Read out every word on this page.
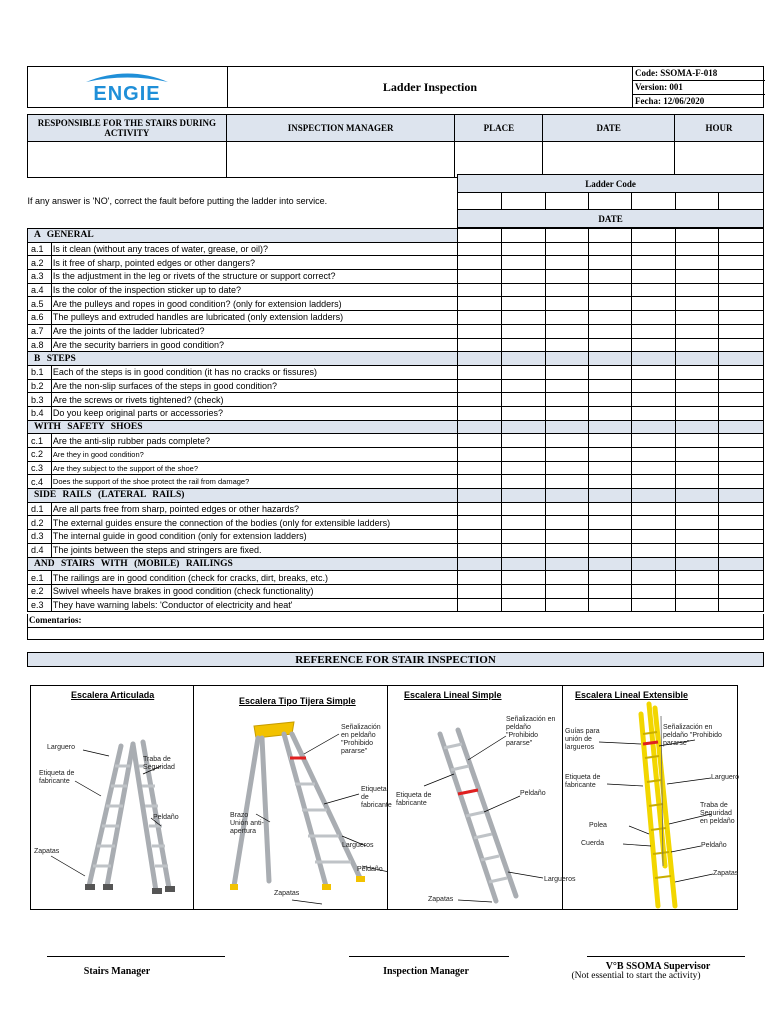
ENGIE	Ladder Inspection
Code: SSOMA-F-018
Version: 001
Fecha: 12/06/2020
RESPONSIBLE FOR THE STAIRS DURING ACTIVITY	INSPECTION MANAGER	PLACE	DATE	HOUR

If any answer is 'NO', correct the fault before putting the ladder into service.		Ladder Code						

		DATE						

A GENERAL								
a.1	Is it clean (without any traces of water, grease, or oil)?							
a.2	Is it free of sharp, pointed edges or other dangers?							
a.3	Is the adjustment in the leg or rivets of the structure or support correct?							
a.4	Is the color of the inspection sticker up to date?							
a.5	Are the pulleys and ropes in good condition? (only for extension ladders)							
a.6	The pulleys and extruded handles are lubricated (only extension ladders)							
a.7	Are the joints of the ladder lubricated?							
a.8	Are the security barriers in good condition?							
B STEPS								
b.1	Each of the steps is in good condition (it has no cracks or fissures)							
b.2	Are the non-slip surfaces of the steps in good condition?							
b.3	Are the screws or rivets tightened? (check)							
b.4	Do you keep original parts or accessories?							
WITH SAFETY SHOES								
c.1	Are the anti-slip rubber pads complete?							
c.2	Are they in good condition?							
c.3	Are they subject to the support of the shoe?							
c.4	Does the support of the shoe protect the rail from damage?							
SIDE RAILS (LATERAL RAILS)								
d.1	Are all parts free from sharp, pointed edges or other hazards?							
d.2	The external guides ensure the connection of the bodies (only for extensible ladders)							
d.3	The internal guide in good condition (only for extension ladders)							
d.4	The joints between the steps and stringers are fixed.							
AND STAIRS WITH (MOBILE) RAILINGS								
e.1	The railings are in good condition (check for cracks, dirt, breaks, etc.)							
e.2	Swivel wheels have brakes in good condition (check functionality)							
e.3	They have warning labels: 'Conductor of electricity and heat'							
Comentarios:
REFERENCE FOR STAIR INSPECTION
Escalera Articulada
Larguero
Etiqueta de fabricante
Traba de Seguridad
Peldaño
Zapatas
Escalera Tipo Tijera Simple
Señalización en peldaño "Prohibido pararse"
Etiqueta de fabricante
Brazo Unión anti-apertura
Largueros
Peldaño
Zapatas
Escalera Lineal Simple
Señalización en peldaño "Prohibido pararse"
Etiqueta de fabricante
Peldaño
Largueros
Zapatas
Escalera Lineal Extensible
Guías para unión de largueros
Señalización en peldaño "Prohibido pararse"
Etiqueta de fabricante
Larguero
Traba de Seguridad en peldaño
Polea
Cuerda	Peldaño
Zapatas
Stairs Manager	Inspection Manager	V°B SSOMA Supervisor
(Not essential to start the activity)
